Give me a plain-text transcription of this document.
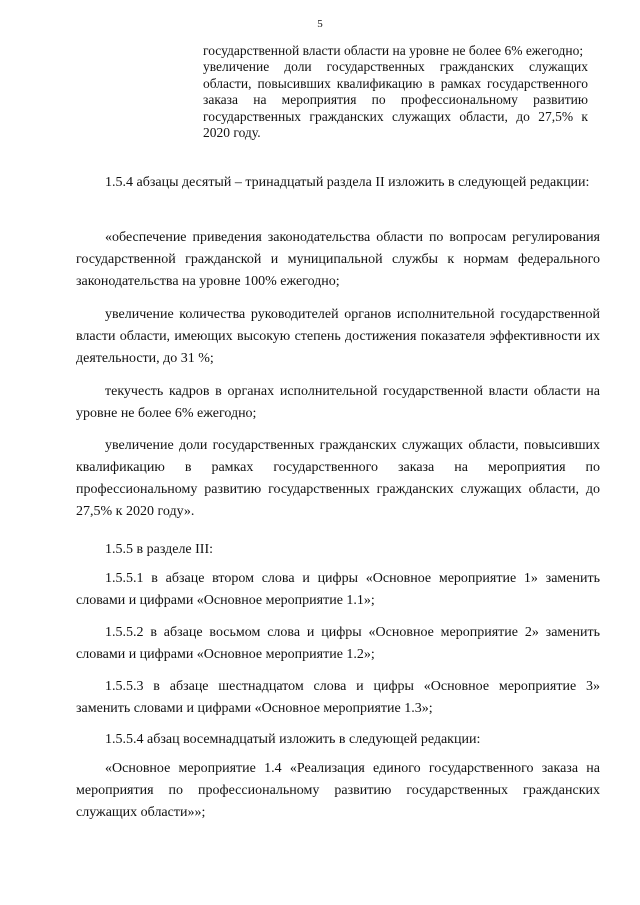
5

государственной власти области на уровне не более 6% ежегодно;

увеличение доли государственных гражданских служащих области, повысивших квалификацию в рамках государственного заказа на мероприятия по профессиональному развитию государственных гражданских служащих области, до 27,5% к 2020 году.

1.5.4 абзацы десятый – тринадцатый раздела II изложить в следующей редакции:

«обеспечение приведения законодательства области по вопросам регулирования государственной гражданской и муниципальной службы к нормам федерального законодательства на уровне 100% ежегодно;

увеличение количества руководителей органов исполнительной государственной власти области, имеющих высокую степень достижения показателя эффективности их деятельности, до 31 %;

текучесть кадров в органах исполнительной государственной власти области на уровне не более 6% ежегодно;

увеличение доли государственных гражданских служащих области, повысивших квалификацию в рамках государственного заказа на мероприятия по профессиональному развитию государственных гражданских служащих области, до 27,5% к 2020 году».

1.5.5 в разделе III:

1.5.5.1 в абзаце втором слова и цифры «Основное мероприятие 1» заменить словами и цифрами «Основное мероприятие 1.1»;

1.5.5.2 в абзаце восьмом слова и цифры «Основное мероприятие 2» заменить словами и цифрами «Основное мероприятие 1.2»;

1.5.5.3 в абзаце шестнадцатом слова и цифры «Основное мероприятие 3» заменить словами и цифрами «Основное мероприятие 1.3»;

1.5.5.4 абзац восемнадцатый изложить в следующей редакции:

«Основное мероприятие 1.4 «Реализация единого государственного заказа на мероприятия по профессиональному развитию государственных гражданских служащих области»»;
